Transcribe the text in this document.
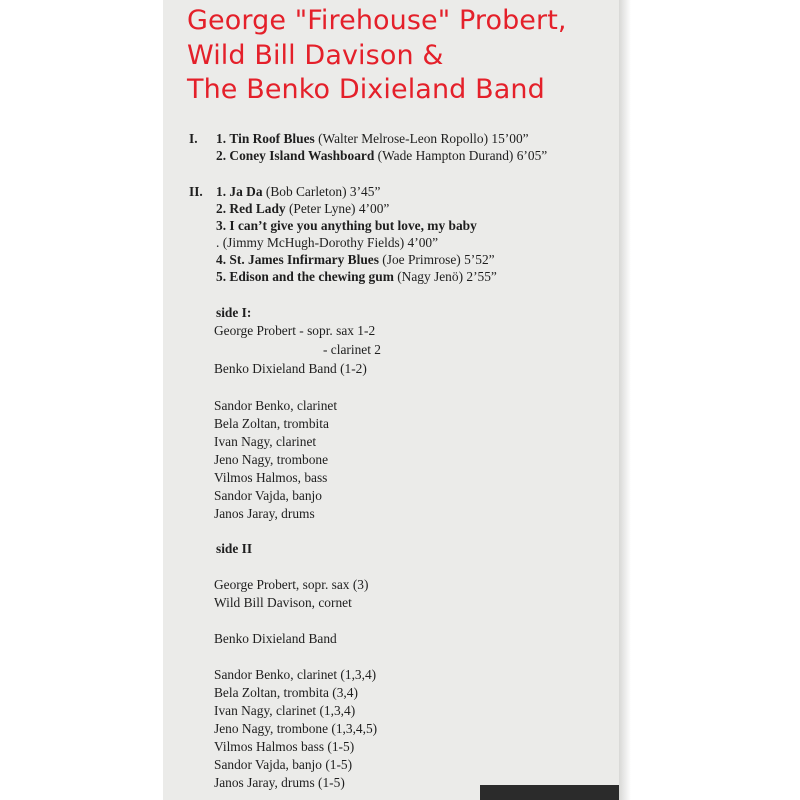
George "Firehouse" Probert,
Wild Bill Davison &
The Benko Dixieland Band
I. 1. Tin Roof Blues (Walter Melrose-Leon Ropollo) 15’00”
2. Coney Island Washboard (Wade Hampton Durand) 6’05”
II. 1. Ja Da (Bob Carleton) 3’45”
2. Red Lady (Peter Lyne) 4’00”
3. I can’t give you anything but love, my baby
. (Jimmy McHugh-Dorothy Fields) 4’00”
4. St. James Infirmary Blues (Joe Primrose) 5’52”
5. Edison and the chewing gum (Nagy Jenö) 2’55”
side I:
George Probert - sopr. sax 1-2
- clarinet 2
Benko Dixieland Band (1-2)
Sandor Benko, clarinet
Bela Zoltan, trombita
Ivan Nagy, clarinet
Jeno Nagy, trombone
Vilmos Halmos, bass
Sandor Vajda, banjo
Janos Jaray, drums
side II
George Probert, sopr. sax (3)
Wild Bill Davison, cornet
Benko Dixieland Band
Sandor Benko, clarinet (1,3,4)
Bela Zoltan, trombita (3,4)
Ivan Nagy, clarinet (1,3,4)
Jeno Nagy, trombone (1,3,4,5)
Vilmos Halmos bass (1-5)
Sandor Vajda, banjo (1-5)
Janos Jaray, drums (1-5)
